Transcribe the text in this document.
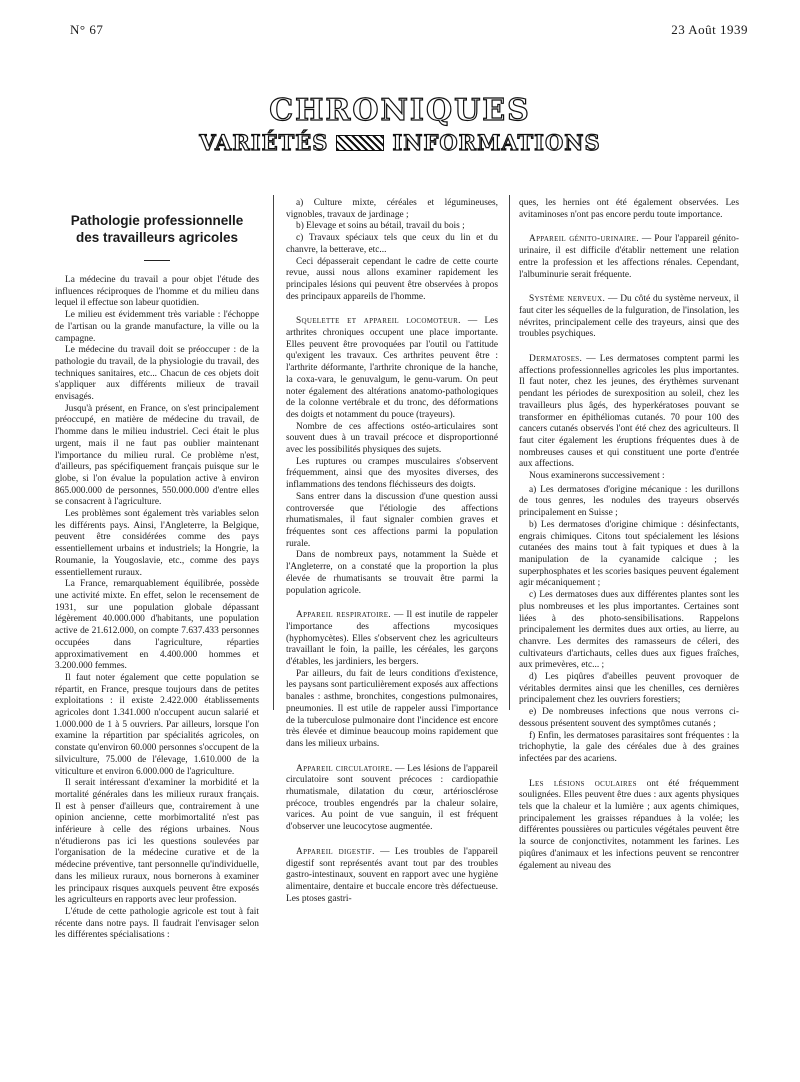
N° 67	23 Août 1939
CHRONIQUES
VARIÉTÉS	INFORMATIONS
Pathologie professionnelle
des travailleurs agricoles

La médecine du travail a pour objet l'étude des influences réciproques de l'homme et du milieu dans lequel il effectue son labeur quotidien.

Le milieu est évidemment très variable : l'échoppe de l'artisan ou la grande manufacture, la ville ou la campagne.

Le médecine du travail doit se préoccuper : de la pathologie du travail, de la physiologie du travail, des techniques sanitaires, etc... Chacun de ces objets doit s'appliquer aux différents milieux de travail envisagés.

Jusqu'à présent, en France, on s'est principalement préoccupé, en matière de médecine du travail, de l'homme dans le milieu industriel. Ceci était le plus urgent, mais il ne faut pas oublier maintenant l'importance du milieu rural. Ce problème n'est, d'ailleurs, pas spécifiquement français puisque sur le globe, si l'on évalue la population active à environ 865.000.000 de personnes, 550.000.000 d'entre elles se consacrent à l'agriculture.

Les problèmes sont également très variables selon les différents pays. Ainsi, l'Angleterre, la Belgique, peuvent être considérées comme des pays essentiellement urbains et industriels; la Hongrie, la Roumanie, la Yougoslavie, etc., comme des pays essentiellement ruraux.

La France, remarquablement équilibrée, possède une activité mixte. En effet, selon le recensement de 1931, sur une population globale dépassant légèrement 40.000.000 d'habitants, une population active de 21.612.000, on compte 7.637.433 personnes occupées dans l'agriculture, réparties approximativement en 4.400.000 hommes et 3.200.000 femmes.

Il faut noter également que cette population se répartit, en France, presque toujours dans de petites exploitations : il existe 2.422.000 établissements agricoles dont 1.341.000 n'occupent aucun salarié et 1.000.000 de 1 à 5 ouvriers. Par ailleurs, lorsque l'on examine la répartition par spécialités agricoles, on constate qu'environ 60.000 personnes s'occupent de la silviculture, 75.000 de l'élevage, 1.610.000 de la viticulture et environ 6.000.000 de l'agriculture.

Il serait intéressant d'examiner la morbidité et la mortalité générales dans les milieux ruraux français. Il est à penser d'ailleurs que, contrairement à une opinion ancienne, cette morbimortalité n'est pas inférieure à celle des régions urbaines. Nous n'étudierons pas ici les questions soulevées par l'organisation de la médecine curative et de la médecine préventive, tant personnelle qu'individuelle, dans les milieux ruraux, nous bornerons à examiner les principaux risques auxquels peuvent être exposés les agriculteurs en rapports avec leur profession.

L'étude de cette pathologie agricole est tout à fait récente dans notre pays. Il faudrait l'envisager selon les différentes spécialisations :

a) Culture mixte, céréales et légumineuses, vignobles, travaux de jardinage ;

b) Elevage et soins au bétail, travail du bois ;

c) Travaux spéciaux tels que ceux du lin et du chanvre, la betterave, etc...

Ceci dépasserait cependant le cadre de cette courte revue, aussi nous allons examiner rapidement les principales lésions qui peuvent être observées à propos des principaux appareils de l'homme.

Squelette et appareil locomoteur. — Les arthrites chroniques occupent une place importante. Elles peuvent être provoquées par l'outil ou l'attitude qu'exigent les travaux. Ces arthrites peuvent être : l'arthrite déformante, l'arthrite chronique de la hanche, la coxa-vara, le genuvalgum, le genu-varum. On peut noter également des altérations anatomo-pathologiques de la colonne vertébrale et du tronc, des déformations des doigts et notamment du pouce (trayeurs).

Nombre de ces affections ostéo-articulaires sont souvent dues à un travail précoce et disproportionné avec les possibilités physiques des sujets.

Les ruptures ou crampes musculaires s'observent fréquemment, ainsi que des myosites diverses, des inflammations des tendons fléchisseurs des doigts.

Sans entrer dans la discussion d'une question aussi controversée que l'étiologie des affections rhumatismales, il faut signaler combien graves et fréquentes sont ces affections parmi la population rurale.

Dans de nombreux pays, notamment la Suède et l'Angleterre, on a constaté que la proportion la plus élevée de rhumatisants se trouvait être parmi la population agricole.

Appareil respiratoire. — Il est inutile de rappeler l'importance des affections mycosiques (hyphomycètes). Elles s'observent chez les agriculteurs travaillant le foin, la paille, les céréales, les garçons d'étables, les jardiniers, les bergers.

Par ailleurs, du fait de leurs conditions d'existence, les paysans sont particulièrement exposés aux affections banales : asthme, bronchites, congestions pulmonaires, pneumonies. Il est utile de rappeler aussi l'importance de la tuberculose pulmonaire dont l'incidence est encore très élevée et diminue beaucoup moins rapidement que dans les milieux urbains.

Appareil circulatoire. — Les lésions de l'appareil circulatoire sont souvent précoces : cardiopathie rhumatismale, dilatation du cœur, artériosclérose précoce, troubles engendrés par la chaleur solaire, varices. Au point de vue sanguin, il est fréquent d'observer une leucocytose augmentée.

Appareil digestif. — Les troubles de l'appareil digestif sont représentés avant tout par des troubles gastro-intestinaux, souvent en rapport avec une hygiène alimentaire, dentaire et buccale encore très défectueuse. Les ptoses gastri-

ques, les hernies ont été également observées. Les avitaminoses n'ont pas encore perdu toute importance.

Appareil génito-urinaire. — Pour l'appareil génito-urinaire, il est difficile d'établir nettement une relation entre la profession et les affections rénales. Cependant, l'albuminurie serait fréquente.

Système nerveux. — Du côté du système nerveux, il faut citer les séquelles de la fulguration, de l'insolation, les névrites, principalement celle des trayeurs, ainsi que des troubles psychiques.

Dermatoses. — Les dermatoses comptent parmi les affections professionnelles agricoles les plus importantes. Il faut noter, chez les jeunes, des érythèmes survenant pendant les périodes de surexposition au soleil, chez les travailleurs plus âgés, des hyperkératoses pouvant se transformer en épithéliomas cutanés. 70 pour 100 des cancers cutanés observés l'ont été chez des agriculteurs. Il faut citer également les éruptions fréquentes dues à de nombreuses causes et qui constituent une porte d'entrée aux affections.

Nous examinerons successivement :

a) Les dermatoses d'origine mécanique : les durillons de tous genres, les nodules des trayeurs observés principalement en Suisse ;

b) Les dermatoses d'origine chimique : désinfectants, engrais chimiques. Citons tout spécialement les lésions cutanées des mains tout à fait typiques et dues à la manipulation de la cyanamide calcique ; les superphosphates et les scories basiques peuvent également agir mécaniquement ;

c) Les dermatoses dues aux différentes plantes sont les plus nombreuses et les plus importantes. Certaines sont liées à des photo-sensibilisations. Rappelons principalement les dermites dues aux orties, au lierre, au chanvre. Les dermites des ramasseurs de céleri, des cultivateurs d'artichauts, celles dues aux figues fraîches, aux primevères, etc... ;

d) Les piqûres d'abeilles peuvent provoquer de véritables dermites ainsi que les chenilles, ces dernières principalement chez les ouvriers forestiers;

e) De nombreuses infections que nous verrons ci-dessous présentent souvent des symptômes cutanés ;

f) Enfin, les dermatoses parasitaires sont fréquentes : la trichophytie, la gale des céréales due à des graines infectées par des acariens.

Les lésions oculaires ont été fréquemment soulignées. Elles peuvent être dues : aux agents physiques tels que la chaleur et la lumière ; aux agents chimiques, principalement les graisses répandues à la volée; les différentes poussières ou particules végétales peuvent être la source de conjonctivites, notamment les farines. Les piqûres d'animaux et les infections peuvent se rencontrer également au niveau des
